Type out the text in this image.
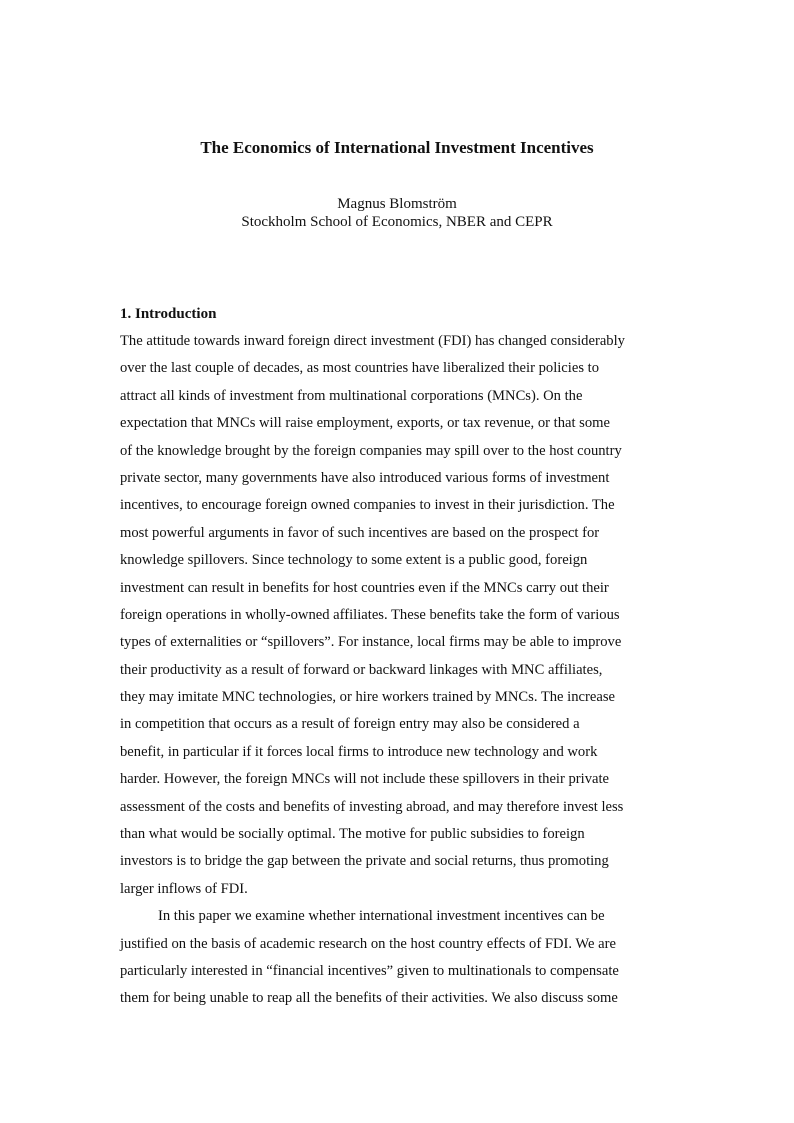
The Economics of International Investment Incentives
Magnus Blomström
Stockholm School of Economics, NBER and CEPR
1. Introduction
The attitude towards inward foreign direct investment (FDI) has changed considerably
over the last couple of decades, as most countries have liberalized their policies to
attract all kinds of investment from multinational corporations (MNCs). On the
expectation that MNCs will raise employment, exports, or tax revenue, or that some
of the knowledge brought by the foreign companies may spill over to the host country
private sector, many governments have also introduced various forms of investment
incentives, to encourage foreign owned companies to invest in their jurisdiction. The
most powerful arguments in favor of such incentives are based on the prospect for
knowledge spillovers. Since technology to some extent is a public good, foreign
investment can result in benefits for host countries even if the MNCs carry out their
foreign operations in wholly-owned affiliates. These benefits take the form of various
types of externalities or “spillovers”. For instance, local firms may be able to improve
their productivity as a result of forward or backward linkages with MNC affiliates,
they may imitate MNC technologies, or hire workers trained by MNCs. The increase
in competition that occurs as a result of foreign entry may also be considered a
benefit, in particular if it forces local firms to introduce new technology and work
harder. However, the foreign MNCs will not include these spillovers in their private
assessment of the costs and benefits of investing abroad, and may therefore invest less
than what would be socially optimal. The motive for public subsidies to foreign
investors is to bridge the gap between the private and social returns, thus promoting
larger inflows of FDI.
In this paper we examine whether international investment incentives can be
justified on the basis of academic research on the host country effects of FDI. We are
particularly interested in “financial incentives” given to multinationals to compensate
them for being unable to reap all the benefits of their activities. We also discuss some
